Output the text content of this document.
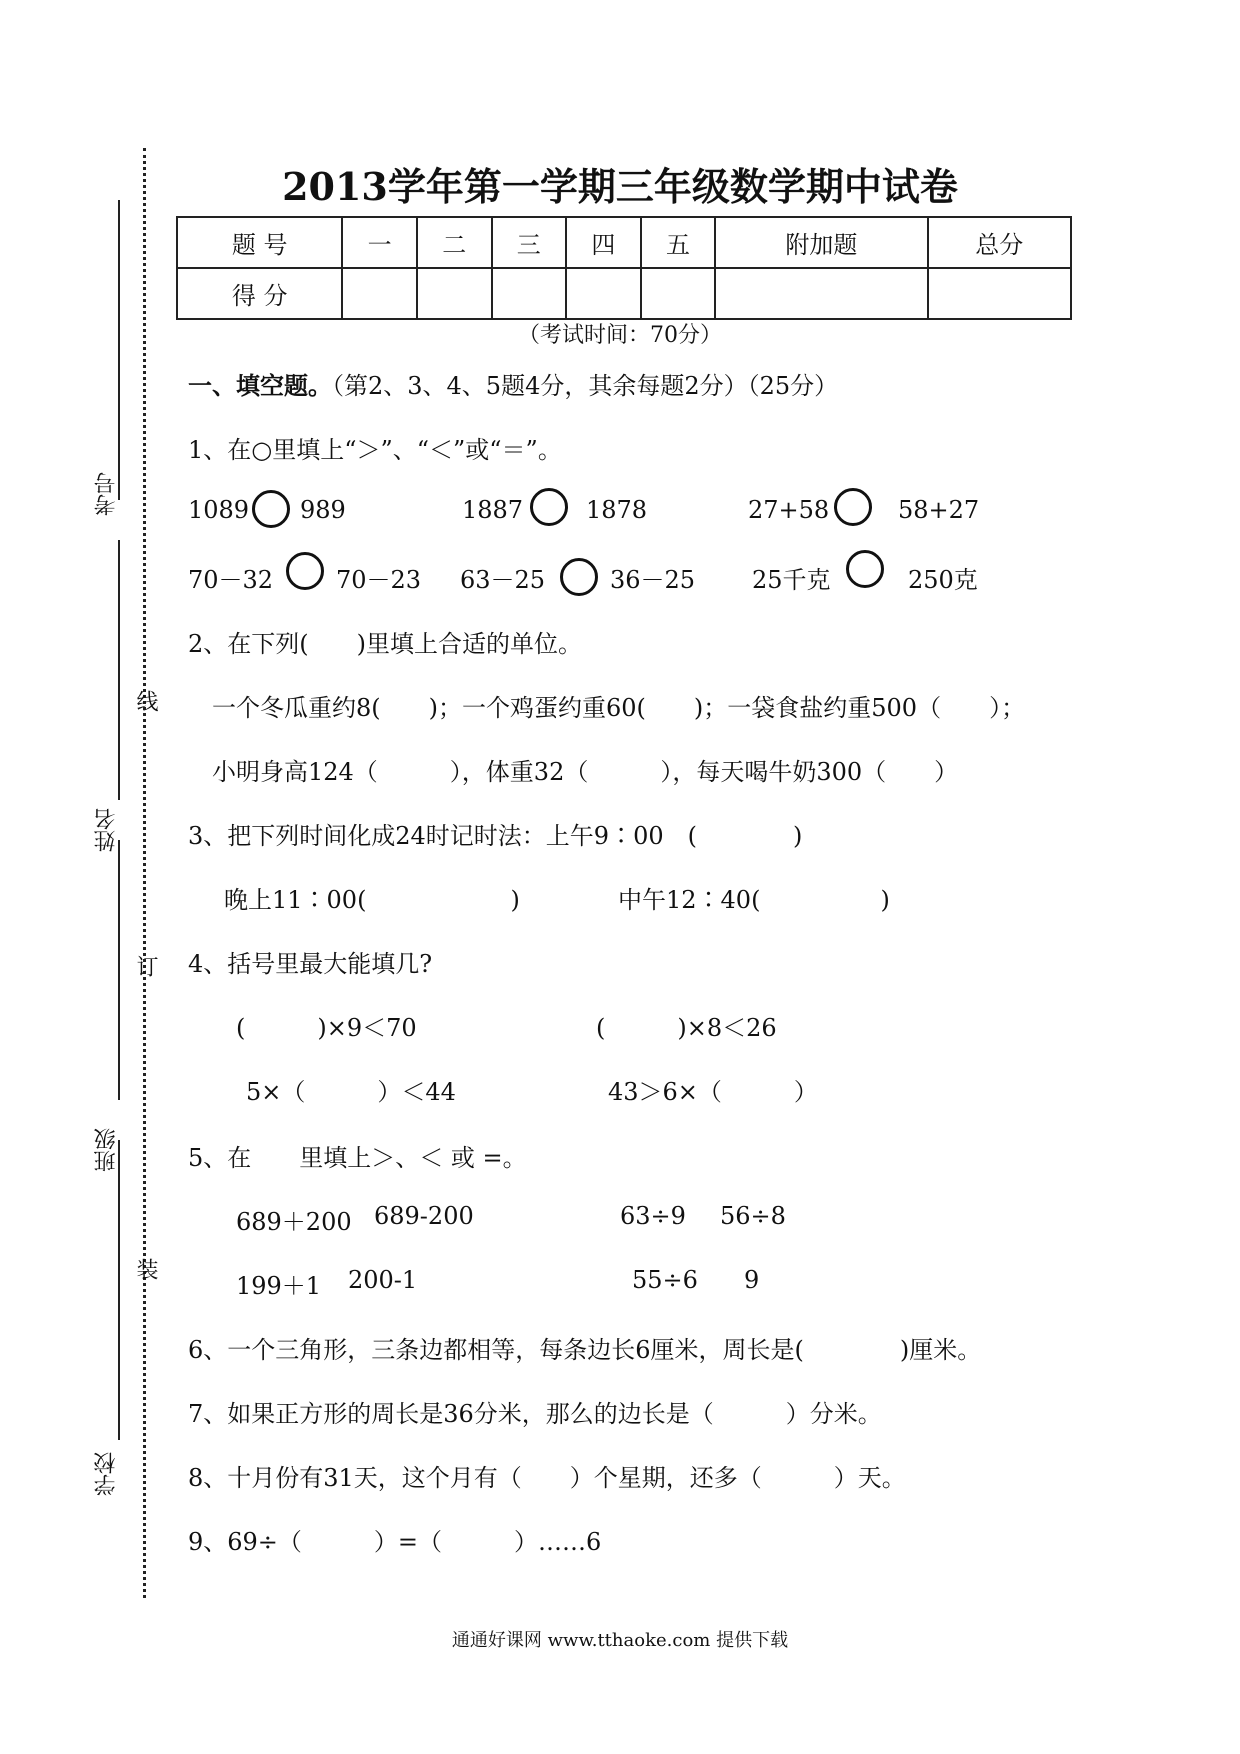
考号
姓名
班级
学校
线
订
装
2013学年第一学期三年级数学期中试卷
题 号	一	二	三	四	五	附加题	总分
得 分							
（考试时间：70分）
一、填空题。（第2、3、4、5题4分，其余每题2分）（25分）
1、在○里填上“＞”、“＜”或“＝”。
1089 989	1887	1878	27+58	58+27
70－32	70－23 63－25	36－25 25千克	250克
2、在下列(　　)里填上合适的单位。
一个冬瓜重约8(　　)；一个鸡蛋约重60(　　)；一袋食盐约重500（　　）；
小明身高124（　　　），体重32（　　　），每天喝牛奶300（　　）
3、把下列时间化成24时记时法：上午9∶00　(　　　　)
晚上11∶00(　　　　　　)	中午12∶40(　　　　　)
4、括号里最大能填几?
(　　　)×9＜70	(　　　)×8＜26
5×（　　　）＜44	43＞6×（　　　）
5、在　　里填上＞、＜ 或 =。
689＋200 689-200	63÷9 56÷8
199＋1 200-1	55÷6 9
6、一个三角形，三条边都相等，每条边长6厘米，周长是(　　　　)厘米。
7、如果正方形的周长是36分米，那么的边长是（　　　）分米。
8、十月份有31天，这个月有（　　）个星期，还多（　　　）天。
9、69÷（　　　）=（　　　）……6
通通好课网 www.tthaoke.com 提供下载
